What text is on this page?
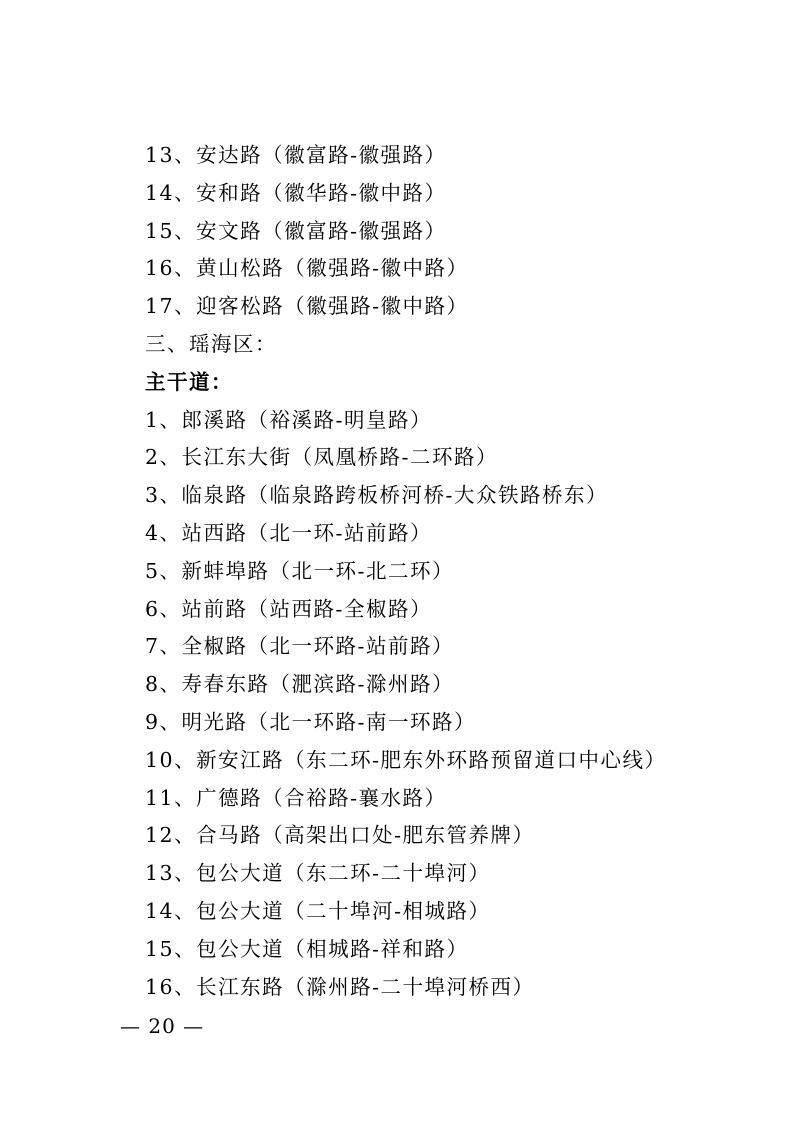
13、安达路（徽富路-徽强路）
14、安和路（徽华路-徽中路）
15、安文路（徽富路-徽强路）
16、黄山松路（徽强路-徽中路）
17、迎客松路（徽强路-徽中路）
三、瑶海区：
主干道：
1、郎溪路（裕溪路-明皇路）
2、长江东大街（凤凰桥路-二环路）
3、临泉路（临泉路跨板桥河桥-大众铁路桥东）
4、站西路（北一环-站前路）
5、新蚌埠路（北一环-北二环）
6、站前路（站西路-全椒路）
7、全椒路（北一环路-站前路）
8、寿春东路（淝滨路-滁州路）
9、明光路（北一环路-南一环路）
10、新安江路（东二环-肥东外环路预留道口中心线）
11、广德路（合裕路-襄水路）
12、合马路（高架出口处-肥东管养牌）
13、包公大道（东二环-二十埠河）
14、包公大道（二十埠河-相城路）
15、包公大道（相城路-祥和路）
16、长江东路（滁州路-二十埠河桥西）
— 20 —
